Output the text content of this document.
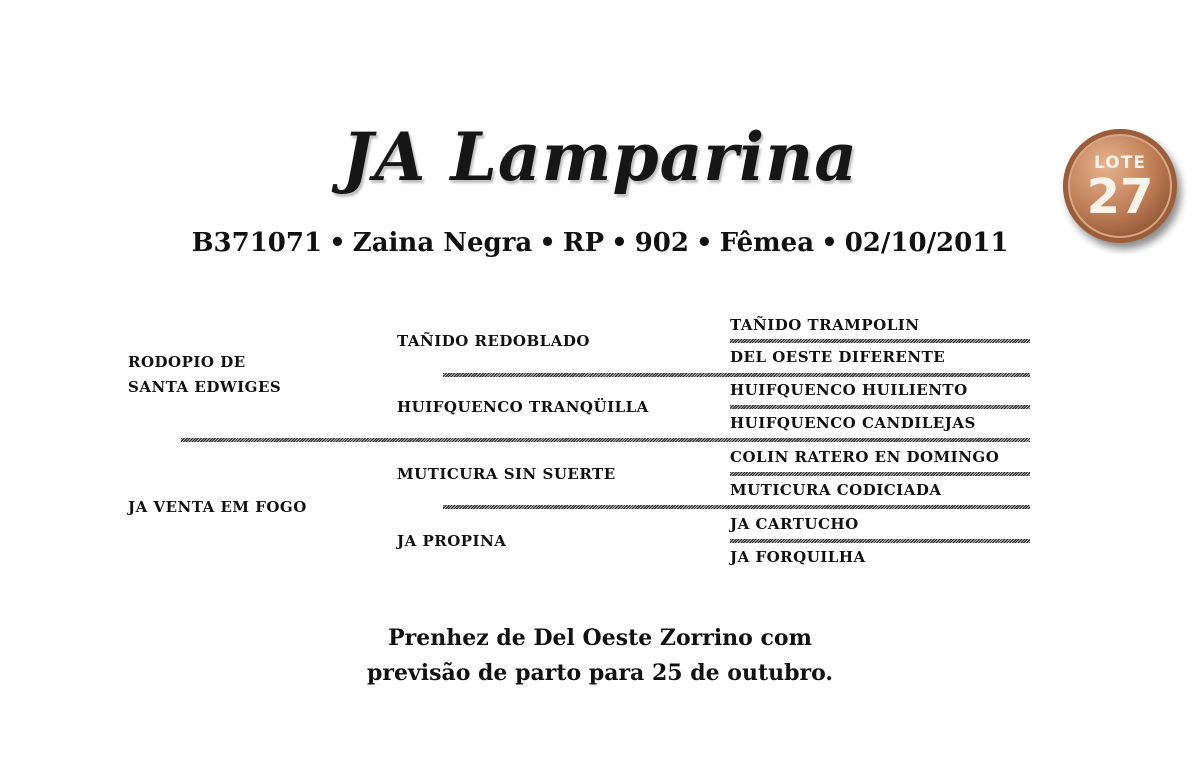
JA Lamparina
B371071 • Zaina Negra • RP • 902 • Fêmea • 02/10/2011
LOTE
27
RODOPIO DE
SANTA EDWIGES
JA VENTA EM FOGO
TAÑIDO REDOBLADO
HUIFQUENCO TRANQÜILLA
MUTICURA SIN SUERTE
JA PROPINA
TAÑIDO TRAMPOLIN
DEL OESTE DIFERENTE
HUIFQUENCO HUILIENTO
HUIFQUENCO CANDILEJAS
COLIN RATERO EN DOMINGO
MUTICURA CODICIADA
JA CARTUCHO
JA FORQUILHA
Prenhez de Del Oeste Zorrino com
previsão de parto para 25 de outubro.
